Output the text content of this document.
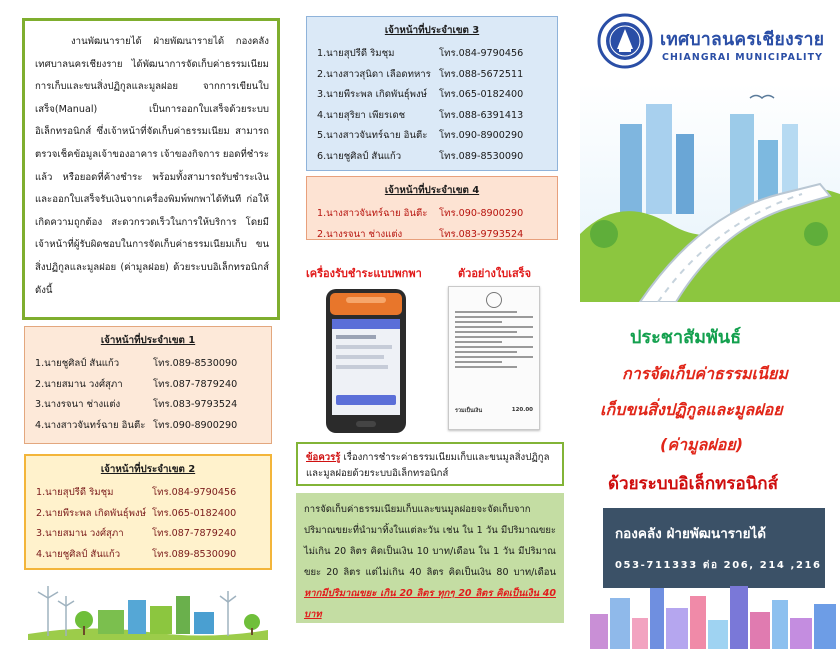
งานพัฒนารายได้ ฝ่ายพัฒนารายได้ กองคลัง เทศบาลนครเชียงราย ได้พัฒนาการจัดเก็บค่าธรรมเนียมการเก็บและขนสิ่งปฏิกูลและมูลฝอย จากการเขียนใบเสร็จ(Manual) เป็นการออกใบเสร็จด้วยระบบอิเล็กทรอนิกส์ ซึ่งเจ้าหน้าที่จัดเก็บค่าธรรมเนียม สามารถตรวจเช็คข้อมูลเจ้าของอาคาร เจ้าของกิจการ ยอดที่ชำระแล้ว หรือยอดที่ค้างชำระ พร้อมทั้งสามารถรับชำระเงินและออกใบเสร็จรับเงินจากเครื่องพิมพ์พกพาได้ทันที ก่อให้เกิดความถูกต้อง สะดวกรวดเร็วในการให้บริการ โดยมีเจ้าหน้าที่ผู้รับผิดชอบในการจัดเก็บค่าธรรมเนียมเก็บ ขนสิ่งปฏิกูลและมูลฝอย (ค่ามูลฝอย) ด้วยระบบอิเล็กทรอนิกส์ ดังนี้

เจ้าหน้าที่ประจำเขต 1
1.นายชูศิลป์ สันแก้ว	โทร.089-8530090
2.นายสมาน วงศ์สุภา	โทร.087-7879240
3.นางรจนา ช่างแต่ง	โทร.083-9793524
4.นางสาวจันทร์ฉาย อินตีะ โทร.090-8900290
เจ้าหน้าที่ประจำเขต 2
1.นายสุปรีดี ริมชุม	โทร.084-9790456
2.นายพีระพล เกิดพันธุ์พงษ์ โทร.065-0182400
3.นายสมาน วงศ์สุภา	โทร.087-7879240
4.นายชูศิลป์ สันแก้ว	โทร.089-8530090
เจ้าหน้าที่ประจำเขต 3
1.นายสุปรีดี ริมชุม	โทร.084-9790456
2.นางสาวสุนิดา เลือดทหาร โทร.088-5672511
3.นายพีระพล เกิดพันธุ์พงษ์	โทร.065-0182400
4.นายสุริยา เพียรเดช	โทร.088-6391413
5.นางสาวจันทร์ฉาย อินตีะ	โทร.090-8900290
6.นายชูศิลป์ สันแก้ว	โทร.089-8530090
เจ้าหน้าที่ประจำเขต 4
1.นางสาวจันทร์ฉาย อินตีะ	โทร.090-8900290
2.นางรจนา ช่างแต่ง	โทร.083-9793524
เครื่องรับชำระแบบพกพา	ตัวอย่างใบเสร็จ
รวมเป็นเงิน	120.00
ข้อควรรู้ เรื่องการชำระค่าธรรมเนียมเก็บและขนมูลสิ่งปฏิกูลและมูลฝอยด้วยระบบอิเล็กทรอนิกส์
การจัดเก็บค่าธรรมเนียมเก็บและขนมูลฝอยจะจัดเก็บจากปริมาณขยะที่นำมาทิ้งในแต่ละวัน เช่น ใน 1 วัน มีปริมาณขยะ ไม่เกิน 20 ลิตร คิดเป็นเงิน 10 บาท/เดือน ใน 1 วัน มีปริมาณขยะ 20 ลิตร แต่ไม่เกิน 40 ลิตร คิดเป็นเงิน 80 บาท/เดือน หากมีปริมาณขยะ เกิน 20 ลิตร ทุกๆ 20 ลิตร คิดเป็นเงิน 40 บาท
เทศบาลนครเชียงราย
CHIANGRAI MUNICIPALITY
ประชาสัมพันธ์
การจัดเก็บค่าธรรมเนียม
เก็บขนสิ่งปฏิกูลและมูลฝอย
(ค่ามูลฝอย)
ด้วยระบบอิเล็กทรอนิกส์
กองคลัง ฝ่ายพัฒนารายได้
053-711333 ต่อ 206, 214 ,216
